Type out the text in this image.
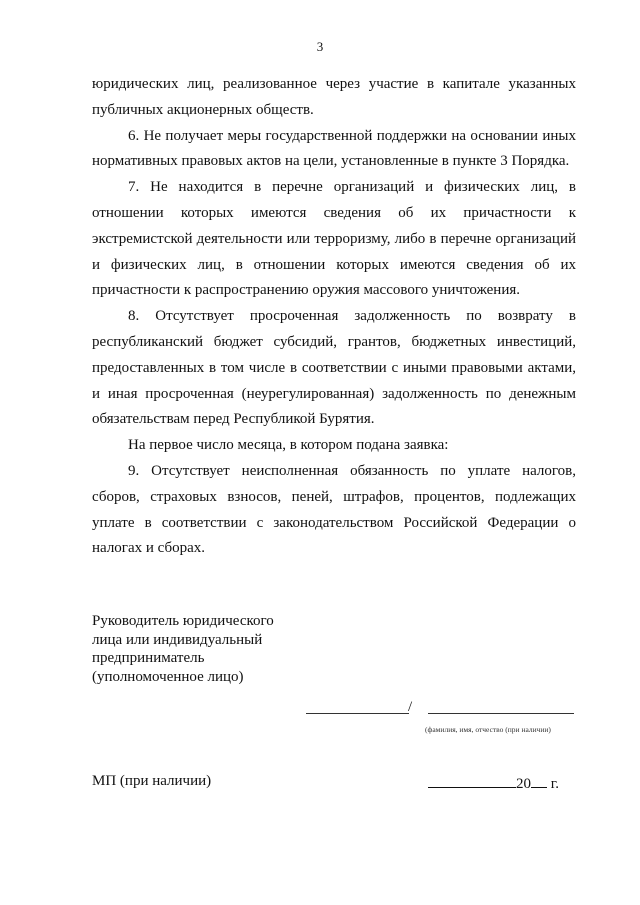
3

юридических лиц, реализованное через участие в капитале указанных публичных акционерных обществ.

6. Не получает меры государственной поддержки на основании иных нормативных правовых актов на цели, установленные в пункте 3 Порядка.

7. Не находится в перечне организаций и физических лиц, в отношении которых имеются сведения об их причастности к экстремистской деятельности или терроризму, либо в перечне организаций и физических лиц, в отношении которых имеются сведения об их причастности к распространению оружия массового уничтожения.

8. Отсутствует просроченная задолженность по возврату в республиканский бюджет субсидий, грантов, бюджетных инвестиций, предоставленных в том числе в соответствии с иными правовыми актами, и иная просроченная (неурегулированная) задолженность по денежным обязательствам перед Республикой Бурятия.

На первое число месяца, в котором подана заявка:

9. Отсутствует неисполненная обязанность по уплате налогов, сборов, страховых взносов, пеней, штрафов, процентов, подлежащих уплате в соответствии с законодательством Российской Федерации о налогах и сборах.

Руководитель юридического
лица или индивидуальный
предприниматель
(уполномоченное лицо)
/
(фамилия, имя, отчество (при наличии)
МП (при наличии)	20 г.
